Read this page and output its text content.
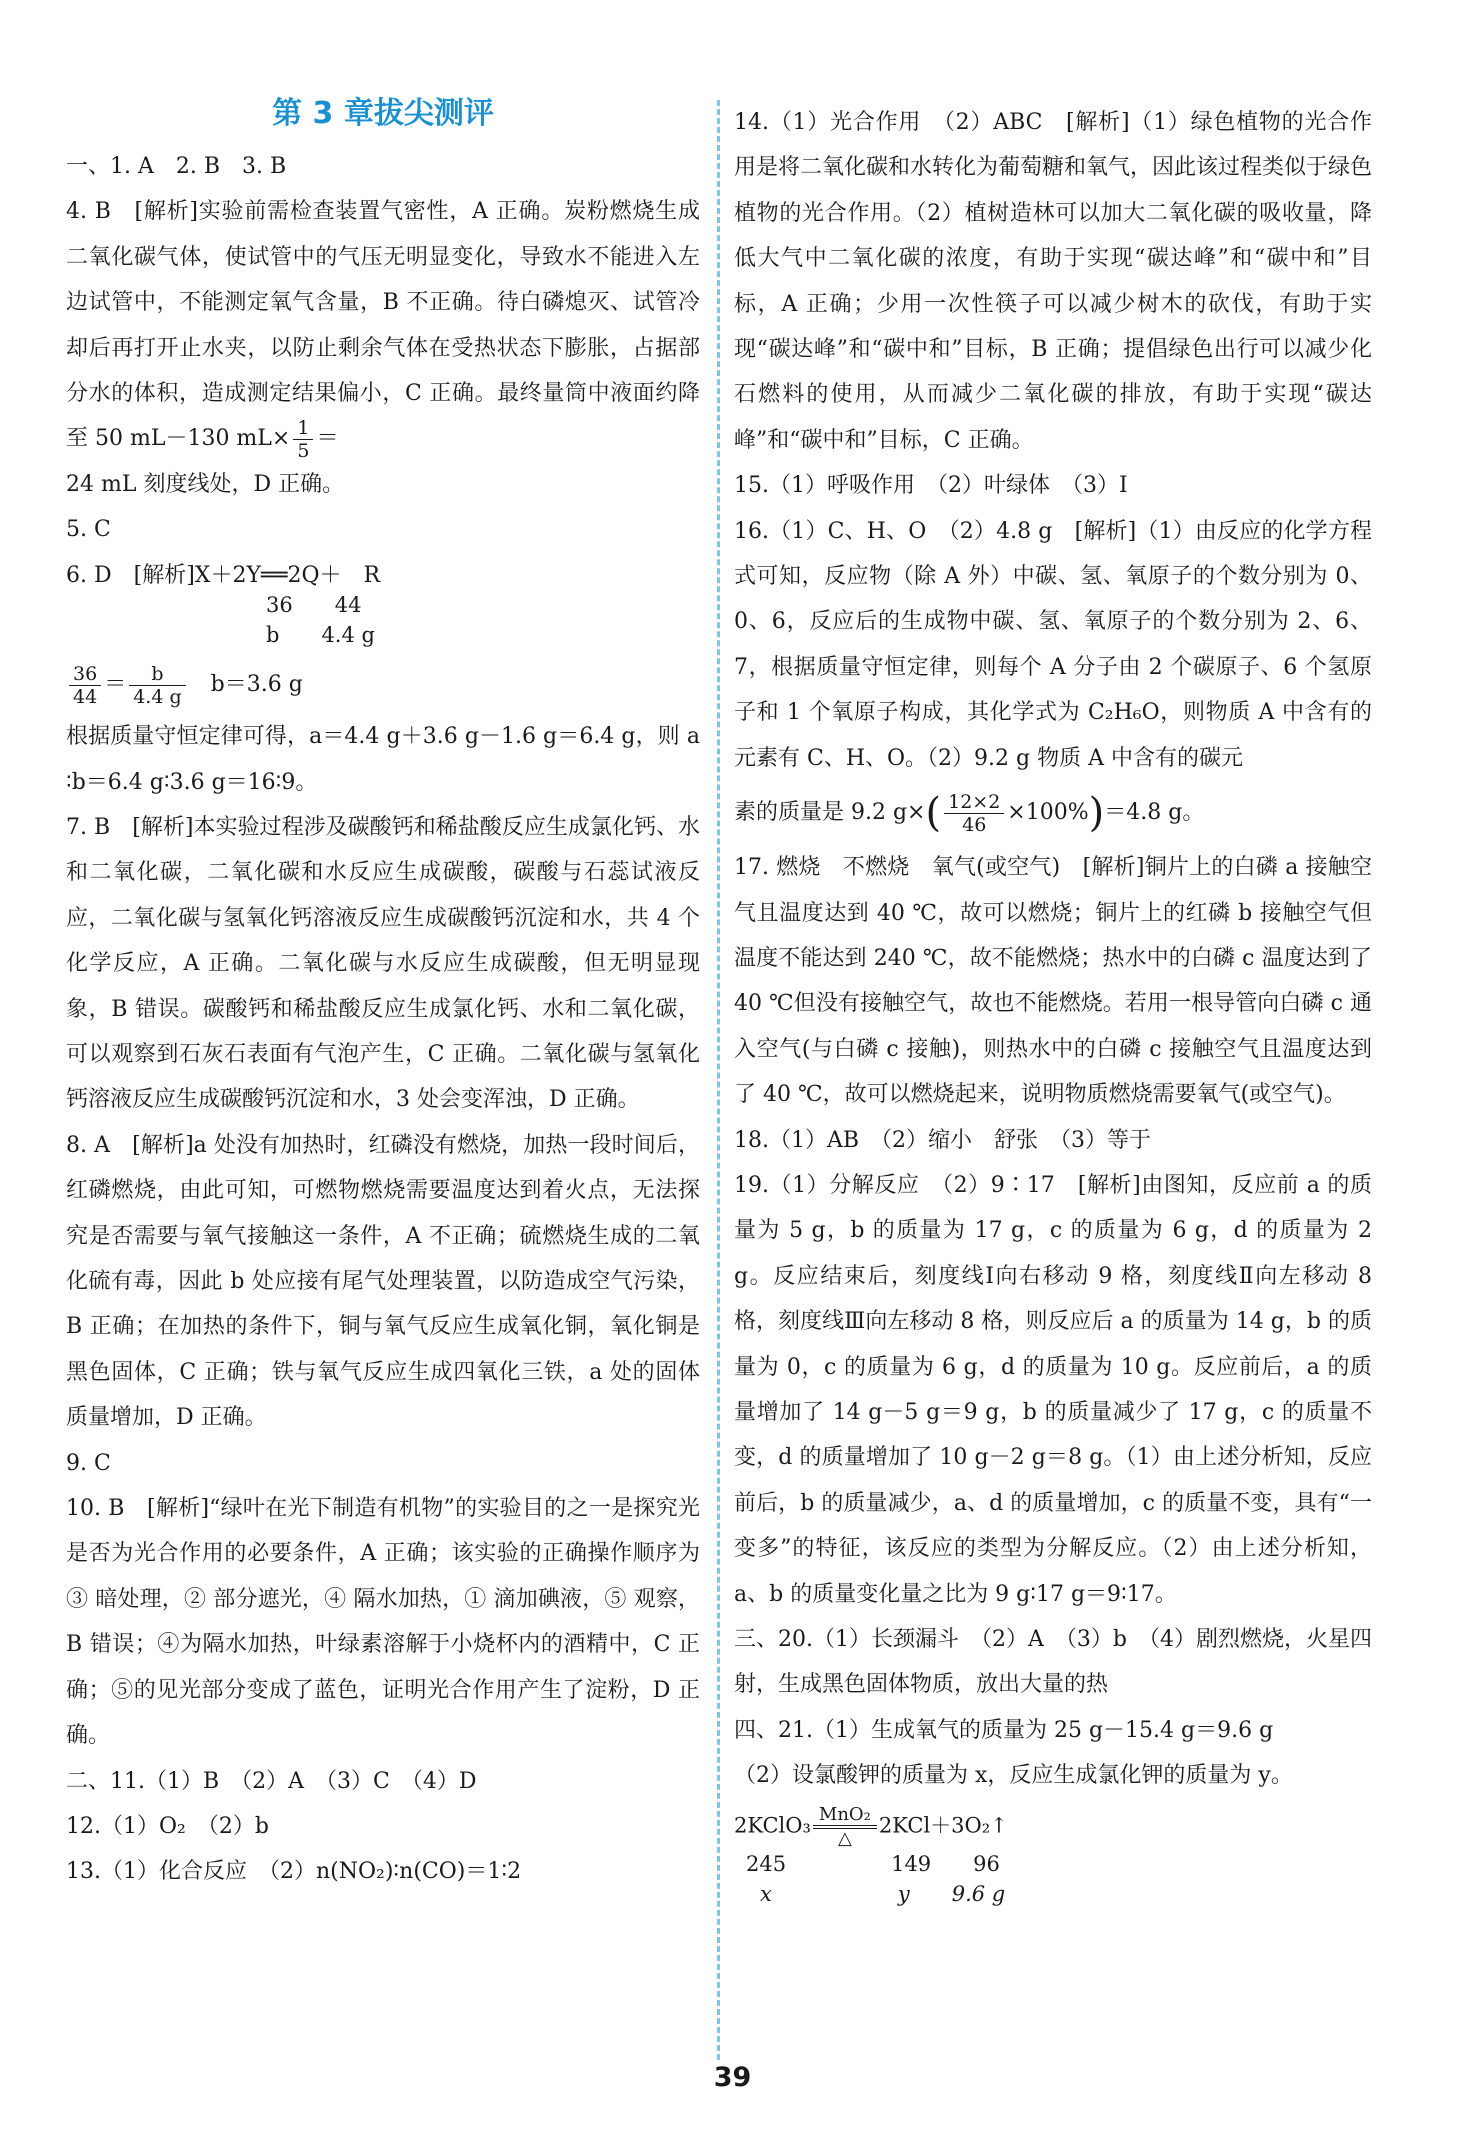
第 3 章拔尖测评

一、1. A　2. B　3. B

4. B　[解析]实验前需检查装置气密性，A 正确。炭粉燃烧生成二氧化碳气体，使试管中的气压无明显变化，导致水不能进入左边试管中，不能测定氧气含量，B 不正确。待白磷熄灭、试管冷却后再打开止水夹，以防止剩余气体在受热状态下膨胀，占据部分水的体积，造成测定结果偏小，C 正确。最终量筒中液面约降至 50 mL－130 $mL\times \frac{1}{5}$ ＝

24 mL 刻度线处，D 正确。

5. C

6. D　[解析]X＋2Y══2Q＋　R

36　　44
b　　4.4 g

$\frac{36}{44} = \frac{b}{4.4 g}$
　 b＝3.6 g

根据质量守恒定律可得，a＝4.4 g＋3.6 g－1.6 g＝6.4 g，则 a∶b＝6.4 g∶3.6 g＝16∶9。

7. B　[解析]本实验过程涉及碳酸钙和稀盐酸反应生成氯化钙、水和二氧化碳，二氧化碳和水反应生成碳酸，碳酸与石蕊试液反应，二氧化碳与氢氧化钙溶液反应生成碳酸钙沉淀和水，共 4 个化学反应，A 正确。二氧化碳与水反应生成碳酸，但无明显现象，B 错误。碳酸钙和稀盐酸反应生成氯化钙、水和二氧化碳，可以观察到石灰石表面有气泡产生，C 正确。二氧化碳与氢氧化钙溶液反应生成碳酸钙沉淀和水，3 处会变浑浊，D 正确。

8. A　[解析]a 处没有加热时，红磷没有燃烧，加热一段时间后，红磷燃烧，由此可知，可燃物燃烧需要温度达到着火点，无法探究是否需要与氧气接触这一条件，A 不正确；硫燃烧生成的二氧化硫有毒，因此 b 处应接有尾气处理装置，以防造成空气污染，B 正确；在加热的条件下，铜与氧气反应生成氧化铜，氧化铜是黑色固体，C 正确；铁与氧气反应生成四氧化三铁，a 处的固体质量增加，D 正确。

9. C

10. B　[解析]“绿叶在光下制造有机物”的实验目的之一是探究光是否为光合作用的必要条件，A 正确；该实验的正确操作顺序为③ 暗处理，② 部分遮光，④ 隔水加热，① 滴加碘液，⑤ 观察，B 错误；④为隔水加热，叶绿素溶解于小烧杯内的酒精中，C 正确；⑤的见光部分变成了蓝色，证明光合作用产生了淀粉，D 正确。

二、11.（1）B　（2）A　（3）C　（4）D

12.（1）O₂　（2）b

13.（1）化合反应　（2）n(NO₂)∶n(CO)＝1∶2

14.（1）光合作用　（2）ABC　[解析]（1）绿色植物的光合作用是将二氧化碳和水转化为葡萄糖和氧气，因此该过程类似于绿色植物的光合作用。（2）植树造林可以加大二氧化碳的吸收量，降低大气中二氧化碳的浓度，有助于实现“碳达峰”和“碳中和”目标，A 正确；少用一次性筷子可以减少树木的砍伐，有助于实现“碳达峰”和“碳中和”目标，B 正确；提倡绿色出行可以减少化石燃料的使用，从而减少二氧化碳的排放，有助于实现“碳达峰”和“碳中和”目标，C 正确。

15.（1）呼吸作用　（2）叶绿体　（3）Ⅰ

16.（1）C、H、O　（2）4.8 g　[解析]（1）由反应的化学方程式可知，反应物（除 A 外）中碳、氢、氧原子的个数分别为 0、0、6，反应后的生成物中碳、氢、氧原子的个数分别为 2、6、7，根据质量守恒定律，则每个 A 分子由 2 个碳原子、6 个氢原子和 1 个氧原子构成，其化学式为 C₂H₆O，则物质 A 中含有的元素有 C、H、O。（2）9.2 g 物质 A 中含有的碳元

素的质量是 9.2 $g\times( \frac{12\times 2}{46} \times 100\%)=4.8$ g。

17. 燃烧　不燃烧　氧气(或空气)　[解析]铜片上的白磷 a 接触空气且温度达到 40 ℃，故可以燃烧；铜片上的红磷 b 接触空气但温度不能达到 240 ℃，故不能燃烧；热水中的白磷 c 温度达到了 40 ℃但没有接触空气，故也不能燃烧。若用一根导管向白磷 c 通入空气(与白磷 c 接触)，则热水中的白磷 c 接触空气且温度达到了 40 ℃，故可以燃烧起来，说明物质燃烧需要氧气(或空气)。

18.（1）AB　（2）缩小　舒张　（3）等于

19.（1）分解反应　（2）9∶17　[解析]由图知，反应前 a 的质量为 5 g，b 的质量为 17 g，c 的质量为 6 g，d 的质量为 2 g。反应结束后，刻度线Ⅰ向右移动 9 格，刻度线Ⅱ向左移动 8 格，刻度线Ⅲ向左移动 8 格，则反应后 a 的质量为 14 g，b 的质量为 0，c 的质量为 6 g，d 的质量为 10 g。反应前后，a 的质量增加了 14 g－5 g＝9 g，b 的质量减少了 17 g，c 的质量不变，d 的质量增加了 10 g－2 g＝8 g。（1）由上述分析知，反应前后，b 的质量减少，a、d 的质量增加，c 的质量不变，具有“一变多”的特征，该反应的类型为分解反应。（2）由上述分析知，a、b 的质量变化量之比为 9 g∶17 g＝9∶17。

三、20.（1）长颈漏斗　（2）A　（3）b　（4）剧烈燃烧，火星四射，生成黑色固体物质，放出大量的热

四、21.（1）生成氧气的质量为 25 g－15.4 g＝9.6 g

（2）设氯酸钾的质量为 x，反应生成氯化钾的质量为 y。

2KClO₃ MnO₂
△
2KCl＋3O₂↑
245　　　　　149　　96
x　　　　　　y　　9.6 g
39
